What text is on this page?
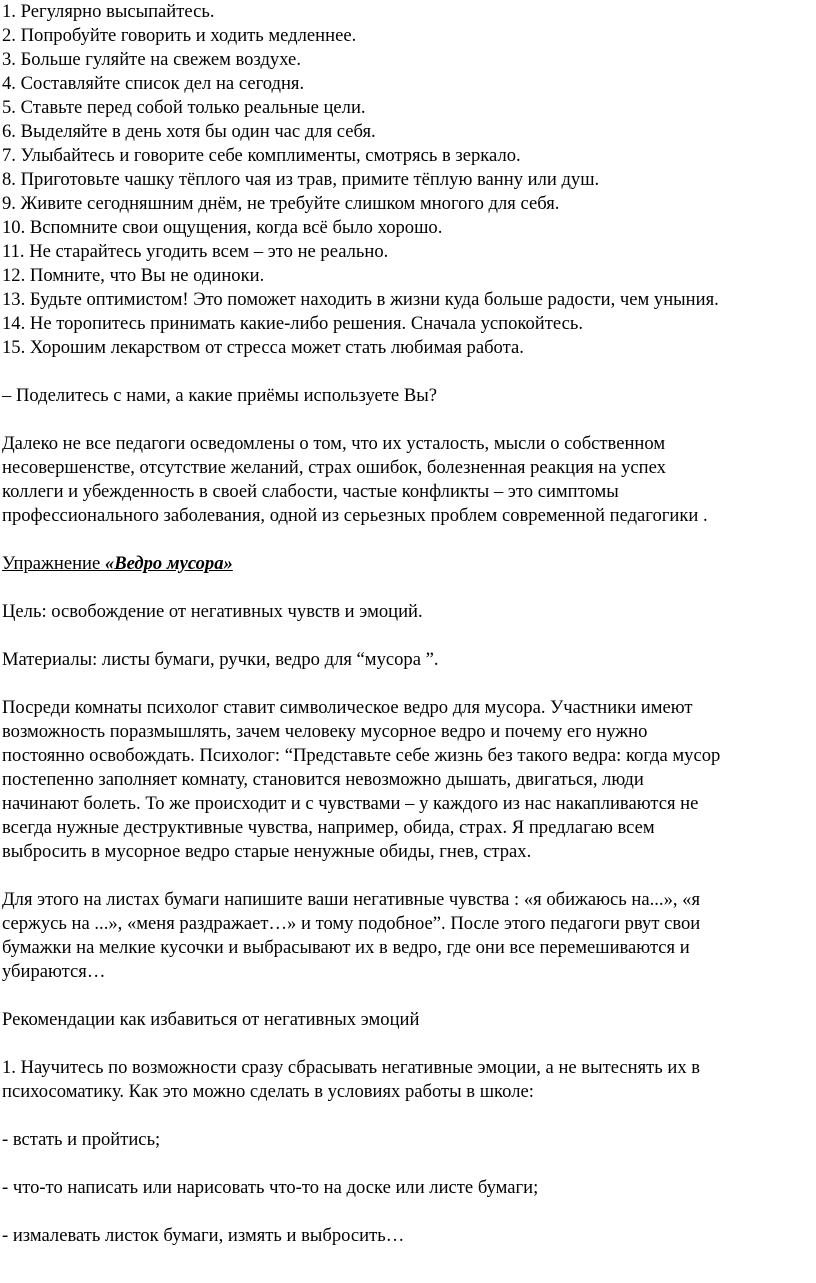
1. Регулярно высыпайтесь.
2. Попробуйте говорить и ходить медленнее.
3. Больше гуляйте на свежем воздухе.
4. Составляйте список дел на сегодня.
5. Ставьте перед собой только реальные цели.
6. Выделяйте в день хотя бы один час для себя.
7. Улыбайтесь и говорите себе комплименты, смотрясь в зеркало.
8. Приготовьте чашку тёплого чая из трав, примите тёплую ванну или душ.
9. Живите сегодняшним днём, не требуйте слишком многого для себя.
10. Вспомните свои ощущения, когда всё было хорошо.
11. Не старайтесь угодить всем – это не реально.
12. Помните, что Вы не одиноки.
13. Будьте оптимистом! Это поможет находить в жизни куда больше радости, чем уныния.
14. Не торопитесь принимать какие-либо решения. Сначала успокойтесь.
15. Хорошим лекарством от стресса может стать любимая работа.
– Поделитесь с нами, а какие приёмы используете Вы?
Далеко не все педагоги осведомлены о том, что их усталость, мысли о собственном
несовершенстве, отсутствие желаний, страх ошибок, болезненная реакция на успех
коллеги и убежденность в своей слабости, частые конфликты – это симптомы
профессионального заболевания, одной из серьезных проблем современной педагогики .
Упражнение «Ведро мусора»
Цель: освобождение от негативных чувств и эмоций.
Материалы: листы бумаги, ручки, ведро для “мусора ”.
Посреди комнаты психолог ставит символическое ведро для мусора. Участники имеют
возможность поразмышлять, зачем человеку мусорное ведро и почему его нужно
постоянно освобождать. Психолог: “Представьте себе жизнь без такого ведра: когда мусор
постепенно заполняет комнату, становится невозможно дышать, двигаться, люди
начинают болеть. То же происходит и с чувствами – у каждого из нас накапливаются не
всегда нужные деструктивные чувства, например, обида, страх. Я предлагаю всем
выбросить в мусорное ведро старые ненужные обиды, гнев, страх.
Для этого на листах бумаги напишите ваши негативные чувства : «я обижаюсь на...», «я
сержусь на ...», «меня раздражает…» и тому подобное”. После этого педагоги рвут свои
бумажки на мелкие кусочки и выбрасывают их в ведро, где они все перемешиваются и
убираются…
Рекомендации как избавиться от негативных эмоций
1. Научитесь по возможности сразу сбрасывать негативные эмоции, а не вытеснять их в
психосоматику. Как это можно сделать в условиях работы в школе:
- встать и пройтись;
- что-то написать или нарисовать что-то на доске или листе бумаги;
- измалевать листок бумаги, измять и выбросить…
